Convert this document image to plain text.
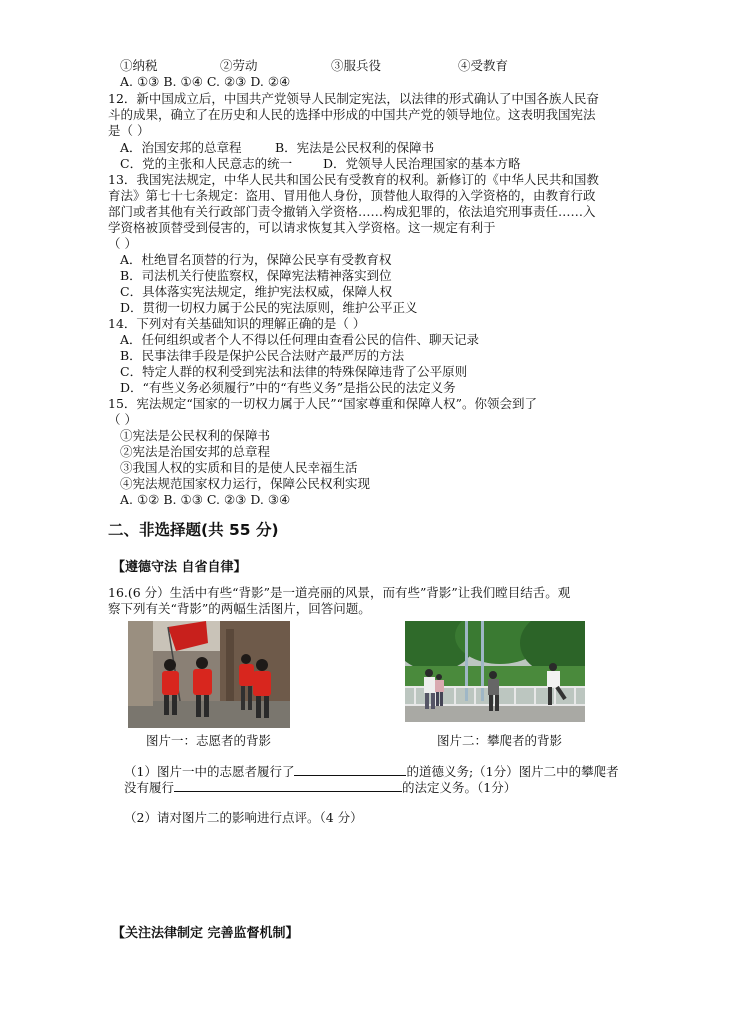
①纳税	②劳动	③服兵役	④受教育
A. ①③ B. ①④ C. ②③ D. ②④
12．新中国成立后，中国共产党领导人民制定宪法，以法律的形式确认了中国各族人民奋
斗的成果，确立了在历史和人民的选择中形成的中国共产党的领导地位。这表明我国宪法
是（ ）
A．治国安邦的总章程	B．宪法是公民权利的保障书
C．党的主张和人民意志的统一 D．党领导人民治理国家的基本方略
13．我国宪法规定，中华人民共和国公民有受教育的权利。新修订的《中华人民共和国教
育法》第七十七条规定：盗用、冒用他人身份，顶替他人取得的入学资格的，由教育行政
部门或者其他有关行政部门责令撤销入学资格……构成犯罪的，依法追究刑事责任……入
学资格被顶替受到侵害的，可以请求恢复其入学资格。这一规定有利于
（ ）
A．杜绝冒名顶替的行为，保障公民享有受教育权
B．司法机关行使监察权，保障宪法精神落实到位
C．具体落实宪法规定，维护宪法权威，保障人权
D．贯彻一切权力属于公民的宪法原则，维护公平正义
14．下列对有关基础知识的理解正确的是（ ）
A．任何组织或者个人不得以任何理由查看公民的信件、聊天记录
B．民事法律手段是保护公民合法财产最严厉的方法
C．特定人群的权利受到宪法和法律的特殊保障违背了公平原则
D．“有些义务必须履行”中的“有些义务”是指公民的法定义务
15．宪法规定“国家的一切权力属于人民”“国家尊重和保障人权”。你领会到了
（ ）
①宪法是公民权利的保障书
②宪法是治国安邦的总章程
③我国人权的实质和目的是使人民幸福生活
④宪法规范国家权力运行，保障公民权利实现
A. ①② B. ①③ C. ②③ D. ③④
二、非选择题(共 55 分)
【遵德守法 自省自律】
16.(6 分）生活中有些“背影”是一道亮丽的风景，而有些”背影”让我们瞠目结舌。观
察下列有关“背影”的两幅生活图片，回答问题。
图片一：志愿者的背影	图片二：攀爬者的背影
（1）图片一中的志愿者履行了	的道德义务;（1分）图片二中的攀爬者
没有履行	的法定义务。（1分）
（2）请对图片二的影响进行点评。（4 分）
【关注法律制定 完善监督机制】
